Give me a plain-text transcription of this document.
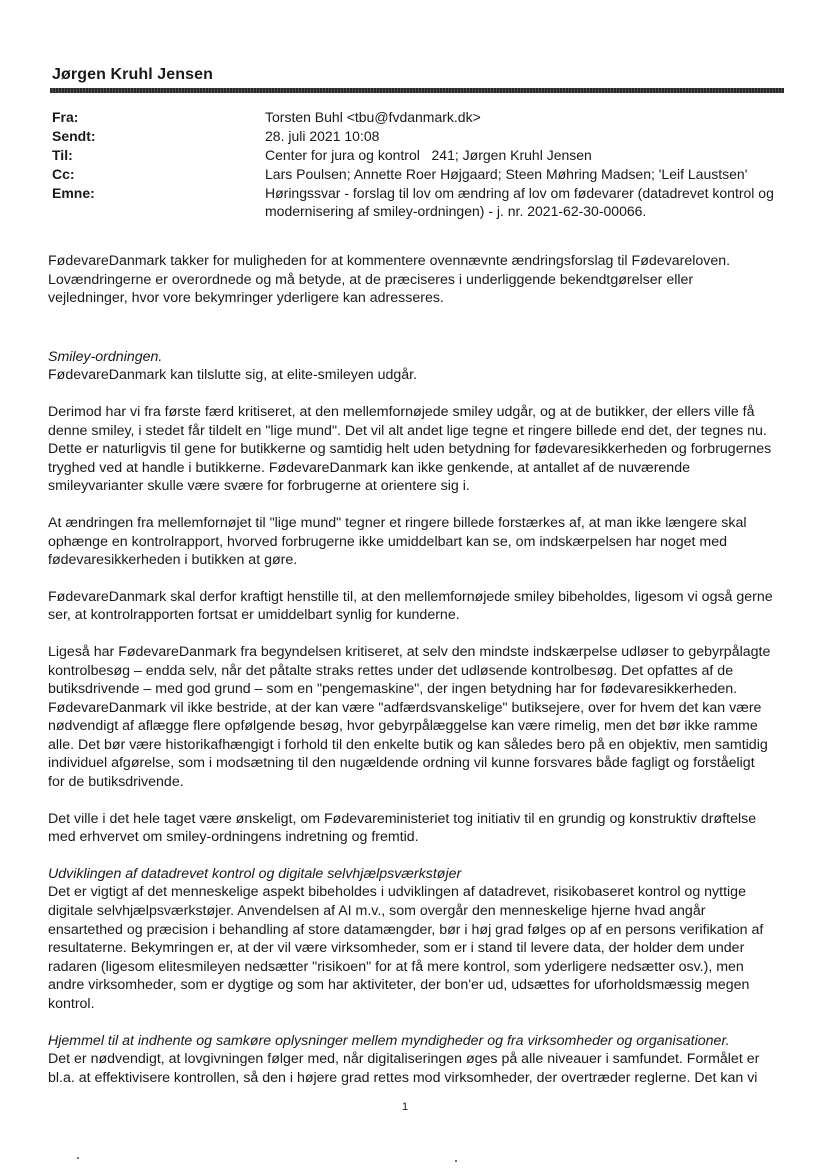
Jørgen Kruhl Jensen
Fra:	Torsten Buhl <tbu@fvdanmark.dk>
Sendt:	28. juli 2021 10:08
Til:	Center for jura og kontrol   241; Jørgen Kruhl Jensen
Cc:	Lars Poulsen; Annette Roer Højgaard; Steen Møhring Madsen; 'Leif Laustsen'
Emne:	Høringssvar - forslag til lov om ændring af lov om fødevarer (datadrevet kontrol og modernisering af smiley-ordningen) - j. nr. 2021-62-30-00066.

FødevareDanmark takker for muligheden for at kommentere ovennævnte ændringsforslag til Fødevareloven. Lovændringerne er overordnede og må betyde, at de præciseres i underliggende bekendtgørelser eller vejledninger, hvor vore bekymringer yderligere kan adresseres.

Smiley-ordningen.

FødevareDanmark kan tilslutte sig, at elite-smileyen udgår.

Derimod har vi fra første færd kritiseret, at den mellemfornøjede smiley udgår, og at de butikker, der ellers ville få denne smiley, i stedet får tildelt en "lige mund". Det vil alt andet lige tegne et ringere billede end det, der tegnes nu. Dette er naturligvis til gene for butikkerne og samtidig helt uden betydning for fødevaresikkerheden og forbrugernes tryghed ved at handle i butikkerne. FødevareDanmark kan ikke genkende, at antallet af de nuværende smileyvarianter skulle være svære for forbrugerne at orientere sig i.

At ændringen fra mellemfornøjet til "lige mund" tegner et ringere billede forstærkes af, at man ikke længere skal ophænge en kontrolrapport, hvorved forbrugerne ikke umiddelbart kan se, om indskærpelsen har noget med fødevaresikkerheden i butikken at gøre.

FødevareDanmark skal derfor kraftigt henstille til, at den mellemfornøjede smiley bibeholdes, ligesom vi også gerne ser, at kontrolrapporten fortsat er umiddelbart synlig for kunderne.

Ligeså har FødevareDanmark fra begyndelsen kritiseret, at selv den mindste indskærpelse udløser to gebyrpålagte kontrolbesøg – endda selv, når det påtalte straks rettes under det udløsende kontrolbesøg. Det opfattes af de butiksdrivende – med god grund – som en "pengemaskine", der ingen betydning har for fødevaresikkerheden. FødevareDanmark vil ikke bestride, at der kan være "adfærdsvanskelige" butiksejere, over for hvem det kan være nødvendigt af aflægge flere opfølgende besøg, hvor gebyrpålæggelse kan være rimelig, men det bør ikke ramme alle. Det bør være historikafhængigt i forhold til den enkelte butik og kan således bero på en objektiv, men samtidig individuel afgørelse, som i modsætning til den nugældende ordning vil kunne forsvares både fagligt og forståeligt for de butiksdrivende.

Det ville i det hele taget være ønskeligt, om Fødevareministeriet tog initiativ til en grundig og konstruktiv drøftelse med erhvervet om smiley-ordningens indretning og fremtid.

Udviklingen af datadrevet kontrol og digitale selvhjælpsværkstøjer

Det er vigtigt af det menneskelige aspekt bibeholdes i udviklingen af datadrevet, risikobaseret kontrol og nyttige digitale selvhjælpsværkstøjer. Anvendelsen af AI m.v., som overgår den menneskelige hjerne hvad angår ensartethed og præcision i behandling af store datamængder, bør i høj grad følges op af en persons verifikation af resultaterne. Bekymringen er, at der vil være virksomheder, som er i stand til levere data, der holder dem under radaren (ligesom elitesmileyen nedsætter "risikoen" for at få mere kontrol, som yderligere nedsætter osv.), men andre virksomheder, som er dygtige og som har aktiviteter, der bon'er ud, udsættes for uforholdsmæssig megen kontrol.

Hjemmel til at indhente og samkøre oplysninger mellem myndigheder og fra virksomheder og organisationer.

Det er nødvendigt, at lovgivningen følger med, når digitaliseringen øges på alle niveauer i samfundet. Formålet er bl.a. at effektivisere kontrollen, så den i højere grad rettes mod virksomheder, der overtræder reglerne. Det kan vi

1
